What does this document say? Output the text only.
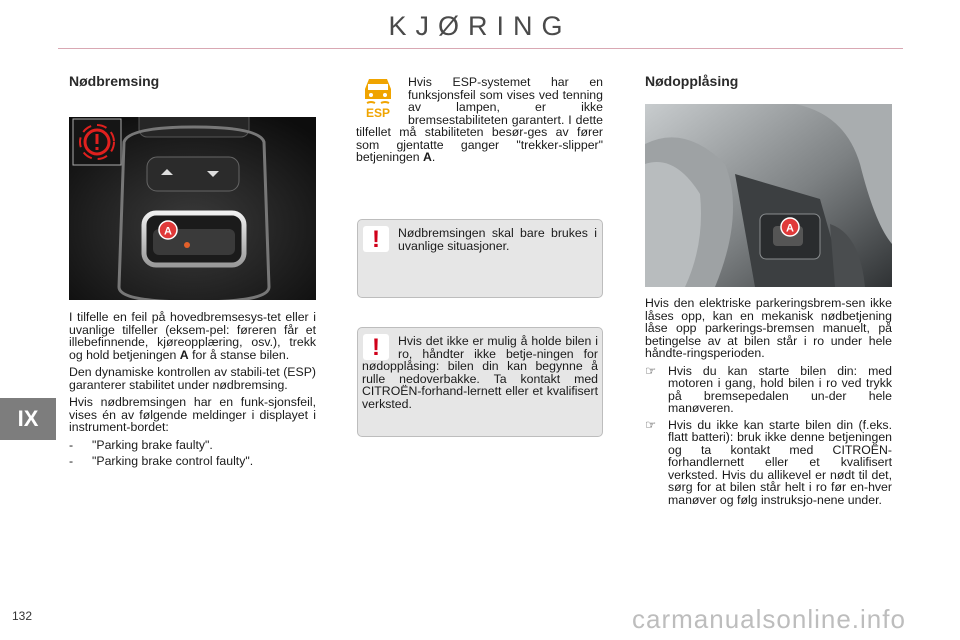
KJØRING
IX
132	carmanualsonline.info
Nødbremsing
A

I tilfelle en feil på hovedbremsesys-tet eller i uvanlige tilfeller (eksem-pel: føreren får et illebefinnende, kjøreopplæring, osv.), trekk og hold betjeningen A for å stanse bilen.

Den dynamiske kontrollen av stabili-tet (ESP) garanterer stabilitet under nødbremsing.

Hvis nødbremsingen har en funk-sjonsfeil, vises én av følgende meldinger i displayet i instrument-bordet:

- "Parking brake faulty".
- "Parking brake control faulty".
ESP
Hvis ESP-systemet har en funksjonsfeil som vises ved tenning av lampen, er ikke bremsestabiliteten garantert. I dette tilfellet må stabiliteten besør-ges av fører som gjentatte ganger "trekker-slipper" betjeningen A.
!	Nødbremsingen skal bare brukes i uvanlige situasjoner.
!	Hvis det ikke er mulig å holde bilen i ro, håndter ikke betje-ningen for nødopplåsing: bilen din kan begynne å rulle nedoverbakke. Ta kontakt med CITROËN-forhand-lernett eller et kvalifisert verksted.
Nødopplåsing
A

Hvis den elektriske parkeringsbrem-sen ikke låses opp, kan en mekanisk nødbetjening låse opp parkerings-bremsen manuelt, på betingelse av at bilen står i ro under hele håndte-ringsperioden.

☞ Hvis du kan starte bilen din: med motoren i gang, hold bilen i ro ved trykk på bremsepedalen un-der hele manøveren.
☞ Hvis du ikke kan starte bilen din (f.eks. flatt batteri): bruk ikke denne betjeningen og ta kontakt med CITROËN-forhandlernett eller et kvalifisert verksted. Hvis du allikevel er nødt til det, sørg for at bilen står helt i ro før en-hver manøver og følg instruksjo-nene under.
